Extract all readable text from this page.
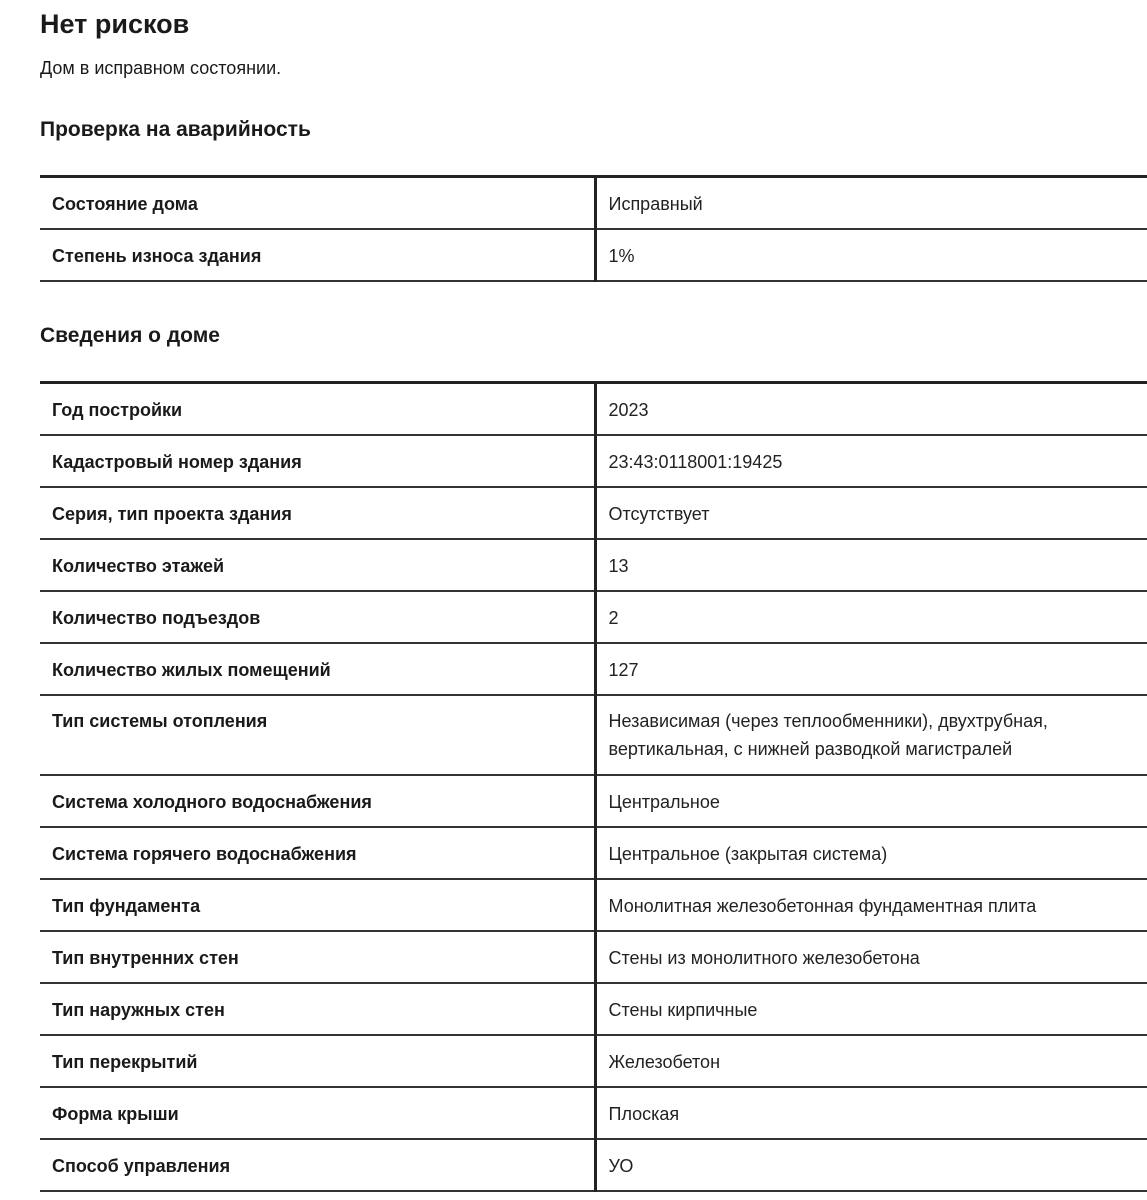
Нет рисков

Дом в исправном состоянии.

Проверка на аварийность
Состояние дома	Исправный
Степень износа здания	1%
Сведения о доме
Год постройки	2023
Кадастровый номер здания	23:43:0118001:19425
Серия, тип проекта здания	Отсутствует
Количество этажей	13
Количество подъездов	2
Количество жилых помещений	127
Тип системы отопления	Независимая (через теплообменники), двухтрубная, вертикальная, с нижней разводкой магистралей
Система холодного водоснабжения	Центральное
Система горячего водоснабжения	Центральное (закрытая система)
Тип фундамента	Монолитная железобетонная фундаментная плита
Тип внутренних стен	Стены из монолитного железобетона
Тип наружных стен	Стены кирпичные
Тип перекрытий	Железобетон
Форма крыши	Плоская
Способ управления	УО
